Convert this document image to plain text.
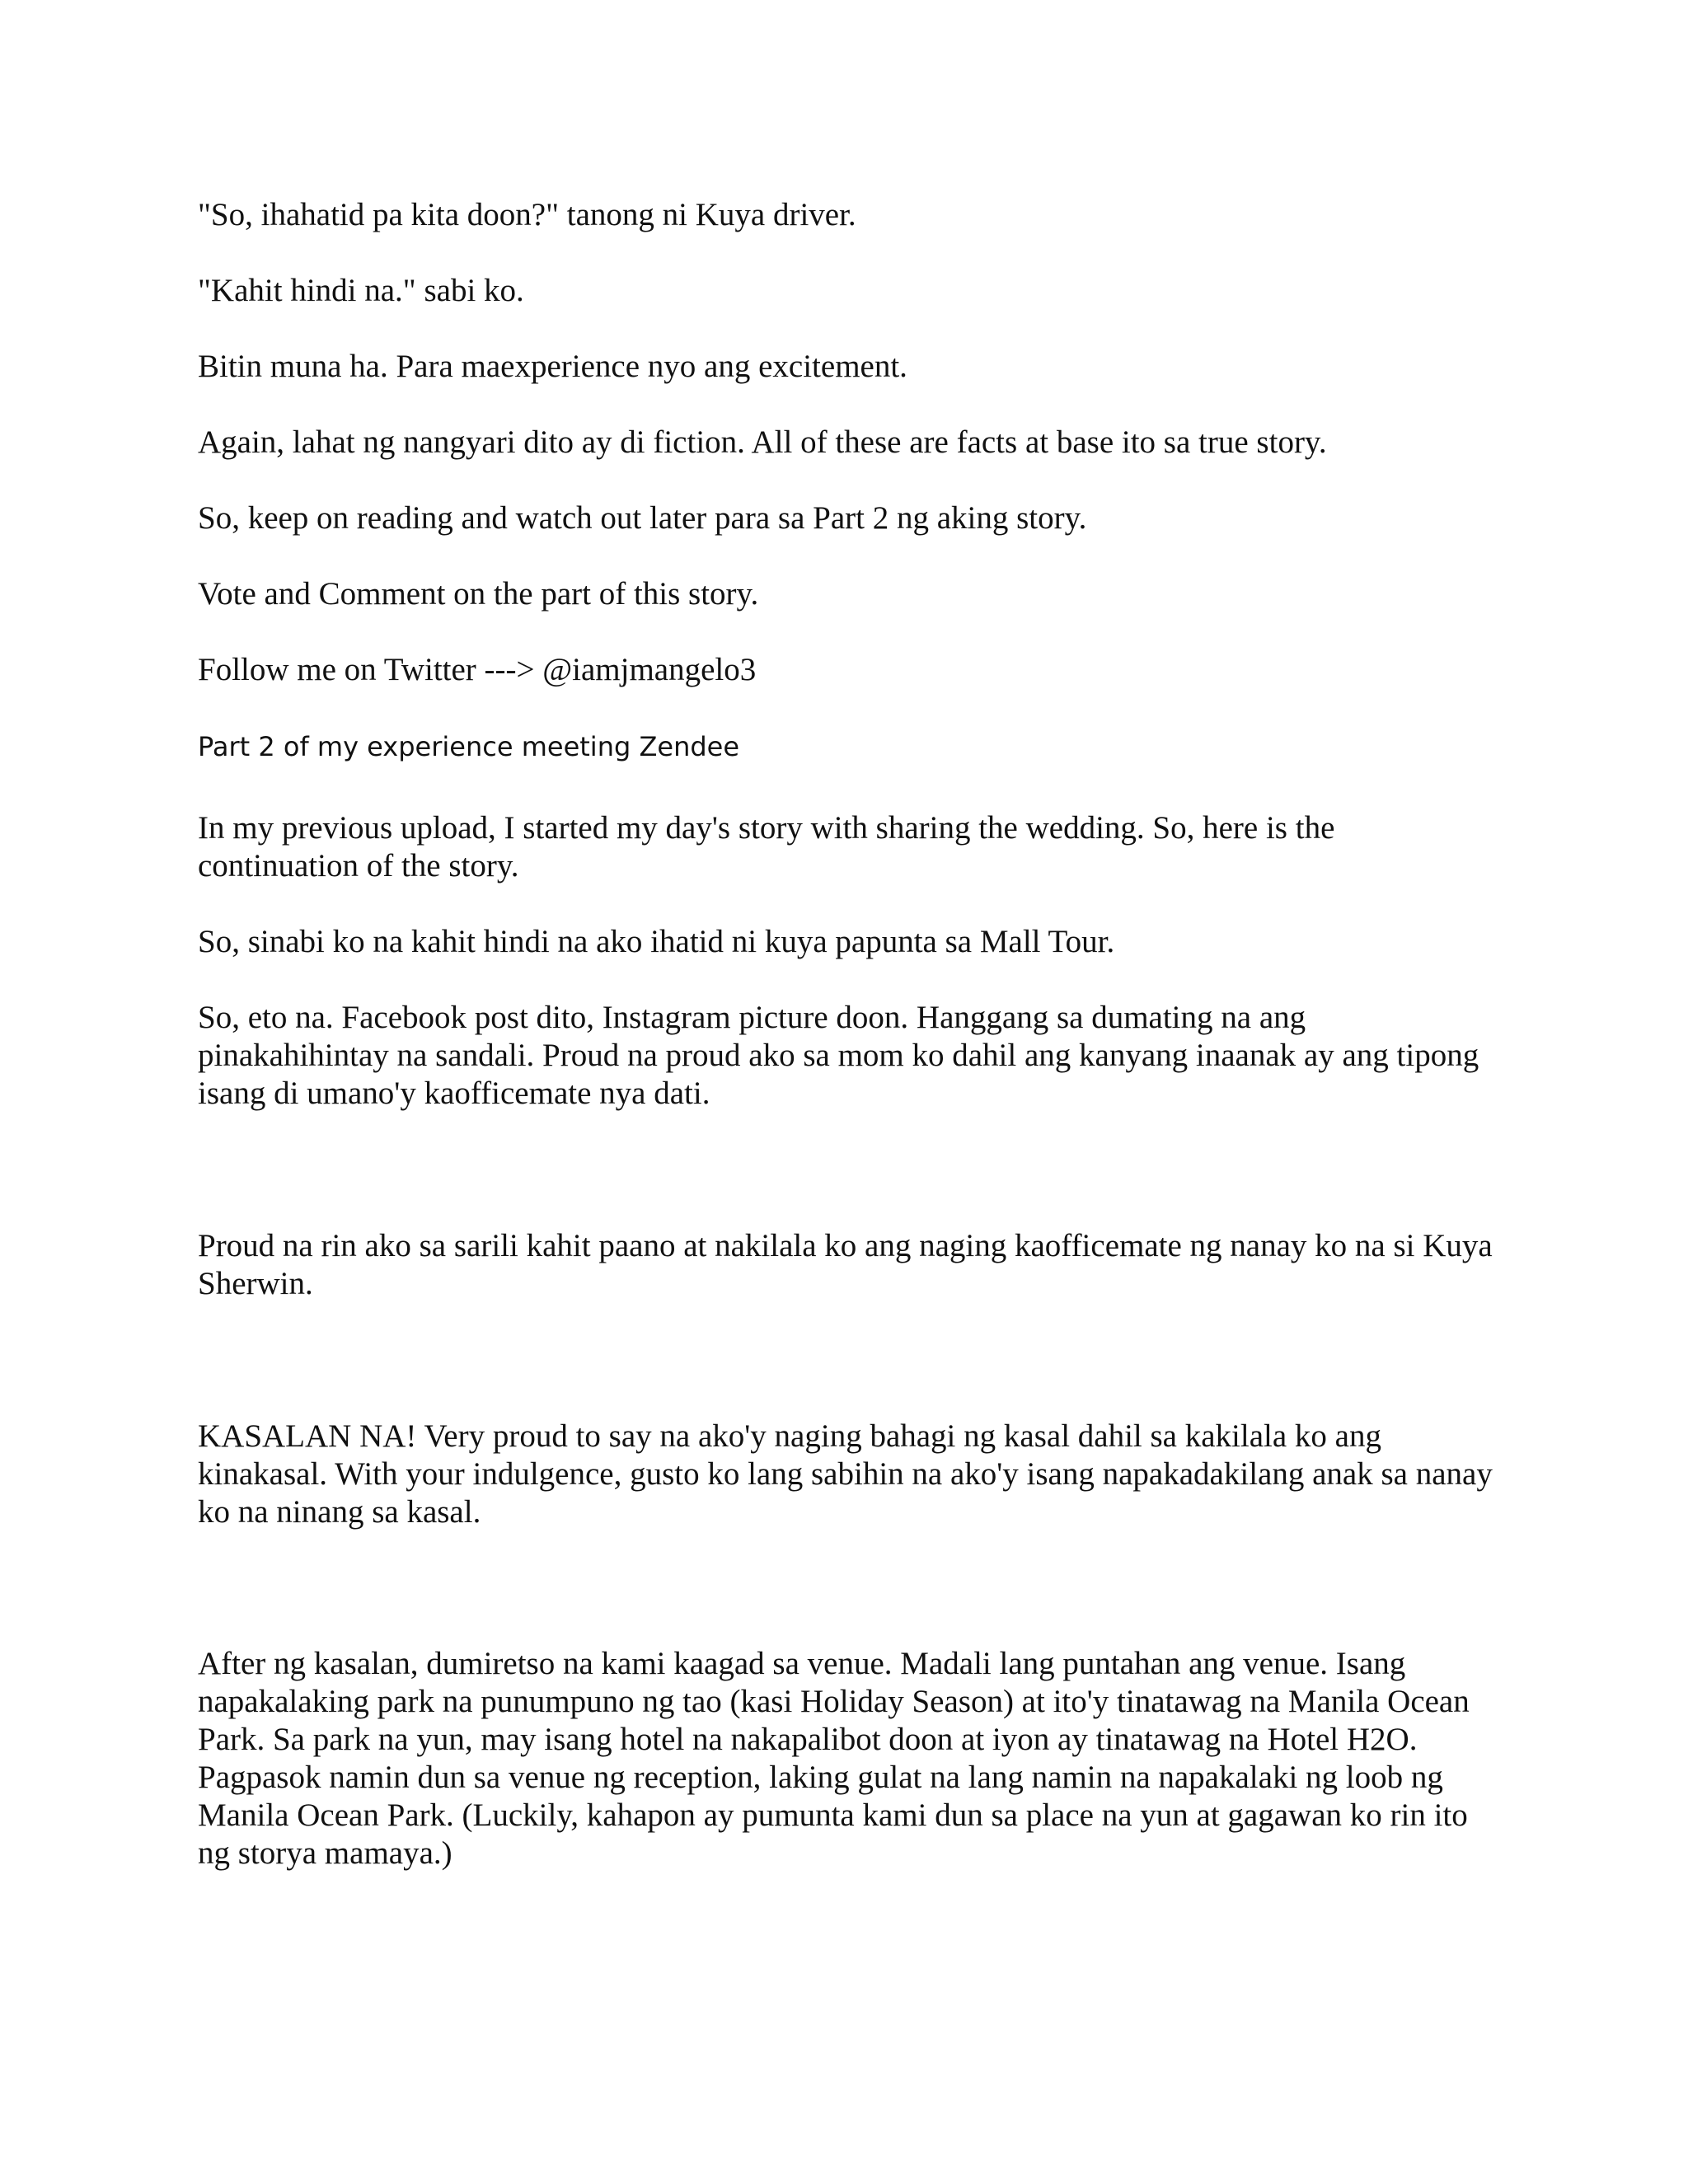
"So, ihahatid pa kita doon?" tanong ni Kuya driver.

"Kahit hindi na." sabi ko.

Bitin muna ha. Para maexperience nyo ang excitement.

Again, lahat ng nangyari dito ay di fiction. All of these are facts at base ito sa true story.

So, keep on reading and watch out later para sa Part 2 ng aking story.

Vote and Comment on the part of this story.

Follow me on Twitter ---> @iamjmangelo3

Part 2 of my experience meeting Zendee

In my previous upload, I started my day's story with sharing the wedding. So, here is the continuation of the story.

So, sinabi ko na kahit hindi na ako ihatid ni kuya papunta sa Mall Tour.

So, eto na. Facebook post dito, Instagram picture doon. Hanggang sa dumating na ang pinakahihintay na sandali. Proud na proud ako sa mom ko dahil ang kanyang inaanak ay ang tipong isang di umano'y kaofficemate nya dati.

Proud na rin ako sa sarili kahit paano at nakilala ko ang naging kaofficemate ng nanay ko na si Kuya Sherwin.

KASALAN NA! Very proud to say na ako'y naging bahagi ng kasal dahil sa kakilala ko ang kinakasal. With your indulgence, gusto ko lang sabihin na ako'y isang napakadakilang anak sa nanay ko na ninang sa kasal.

After ng kasalan, dumiretso na kami kaagad sa venue. Madali lang puntahan ang venue. Isang napakalaking park na punumpuno ng tao (kasi Holiday Season) at ito'y tinatawag na Manila Ocean Park. Sa park na yun, may isang hotel na nakapalibot doon at iyon ay tinatawag na Hotel H2O. Pagpasok namin dun sa venue ng reception, laking gulat na lang namin na napakalaki ng loob ng Manila Ocean Park. (Luckily, kahapon ay pumunta kami dun sa place na yun at gagawan ko rin ito ng storya mamaya.)
